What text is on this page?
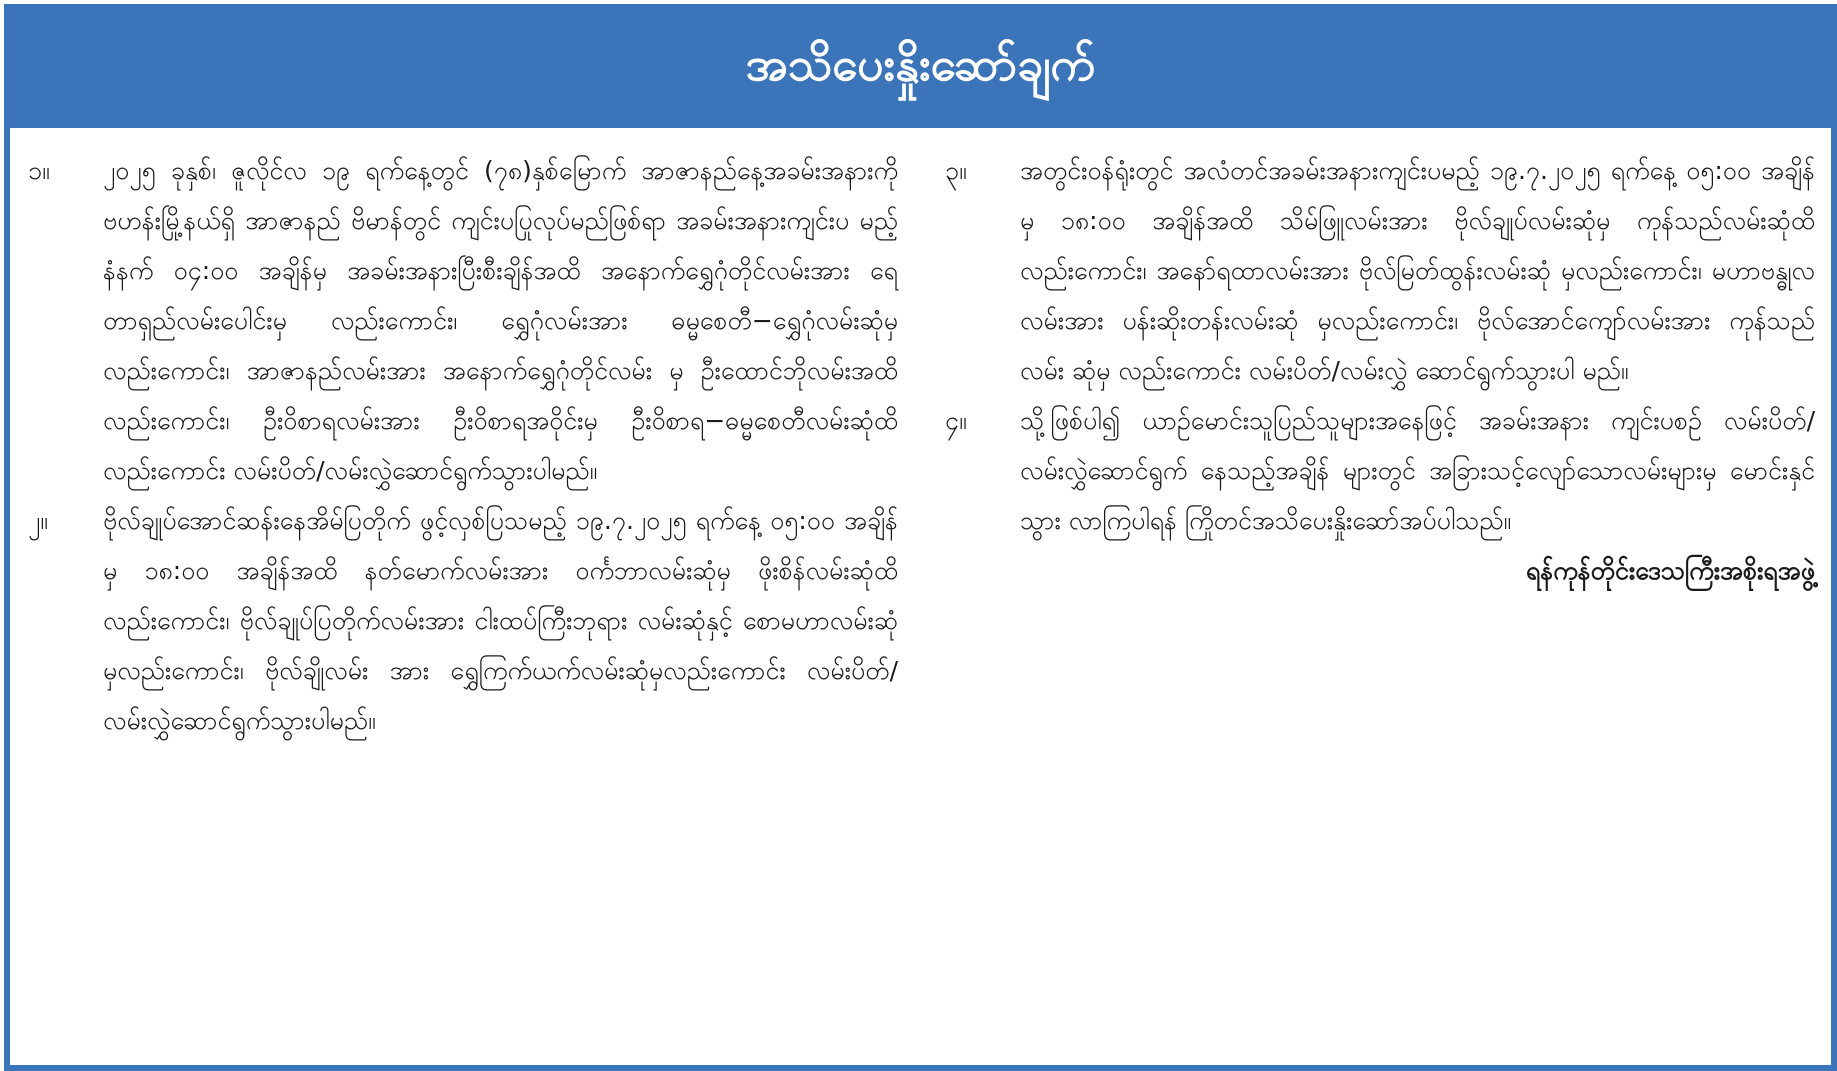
အသိပေးနှိုးဆော်ချက်
၁။	၂၀၂၅ ခုနှစ်၊ ဇူလိုင်လ ၁၉ ရက်နေ့တွင် (၇၈)နှစ်မြောက် အာဇာနည်နေ့အခမ်းအနားကို ဗဟန်းမြို့နယ်ရှိ အာဇာနည် ဗိမာန်တွင် ကျင်းပပြုလုပ်မည်ဖြစ်ရာ အခမ်းအနားကျင်းပ မည့် နံနက် ၀၄:၀၀ အချိန်မှ အခမ်းအနားပြီးစီးချိန်အထိ အနောက်ရွှေဂုံတိုင်လမ်းအား ရေတာရှည်လမ်းပေါင်းမှ လည်းကောင်း၊ ရွှေဂုံလမ်းအား ဓမ္မစေတီ−ရွှေဂုံလမ်းဆုံမှ လည်းကောင်း၊ အာဇာနည်လမ်းအား အနောက်ရွှေဂုံတိုင်လမ်း မှ ဦးထောင်ဘိုလမ်းအထိလည်းကောင်း၊ ဦးဝိစာရလမ်းအား ဦးဝိစာရအဝိုင်းမှ ဦးဝိစာရ−ဓမ္မစေတီလမ်းဆုံထိလည်းကောင်း လမ်းပိတ်/လမ်းလွှဲဆောင်ရွက်သွားပါမည်။
၂။	ဗိုလ်ချုပ်အောင်ဆန်းနေအိမ်ပြတိုက် ဖွင့်လှစ်ပြသမည့် ၁၉.၇.၂၀၂၅ ရက်နေ့ ၀၅:၀၀ အချိန်မှ ၁၈:၀၀ အချိန်အထိ နတ်မောက်လမ်းအား ဝင်္ကဘာလမ်းဆုံမှ ဖိုးစိန်လမ်းဆုံထိ လည်းကောင်း၊ ဗိုလ်ချုပ်ပြတိုက်လမ်းအား ငါးထပ်ကြီးဘုရား လမ်းဆုံနှင့် စောမဟာလမ်းဆုံမှလည်းကောင်း၊ ဗိုလ်ချိုလမ်း အား ရွှေကြက်ယက်လမ်းဆုံမှလည်းကောင်း လမ်းပိတ်/ လမ်းလွှဲဆောင်ရွက်သွားပါမည်။
၃။	အတွင်းဝန်ရုံးတွင် အလံတင်အခမ်းအနားကျင်းပမည့် ၁၉.၇.၂၀၂၅ ရက်နေ့ ၀၅:၀၀ အချိန်မှ ၁၈:၀၀ အချိန်အထိ သိမ်ဖြူလမ်းအား ဗိုလ်ချုပ်လမ်းဆုံမှ ကုန်သည်လမ်းဆုံထိ လည်းကောင်း၊ အနော်ရထာလမ်းအား ဗိုလ်မြတ်ထွန်းလမ်းဆုံ မှလည်းကောင်း၊ မဟာဗန္ဓုလလမ်းအား ပန်းဆိုးတန်းလမ်းဆုံ မှလည်းကောင်း၊ ဗိုလ်အောင်ကျော်လမ်းအား ကုန်သည်လမ်း ဆုံမှ လည်းကောင်း လမ်းပိတ်/လမ်းလွှဲ ဆောင်ရွက်သွားပါ မည်။
၄။	သို့ဖြစ်ပါ၍ ယာဉ်မောင်းသူပြည်သူများအနေဖြင့် အခမ်းအနား ကျင်းပစဉ် လမ်းပိတ်/လမ်းလွှဲဆောင်ရွက် နေသည့်အချိန် များတွင် အခြားသင့်လျော်သောလမ်းများမှ မောင်းနှင်သွား လာကြပါရန် ကြိုတင်အသိပေးနှိုးဆော်အပ်ပါသည်။
ရန်ကုန်တိုင်းဒေသကြီးအစိုးရအဖွဲ့
